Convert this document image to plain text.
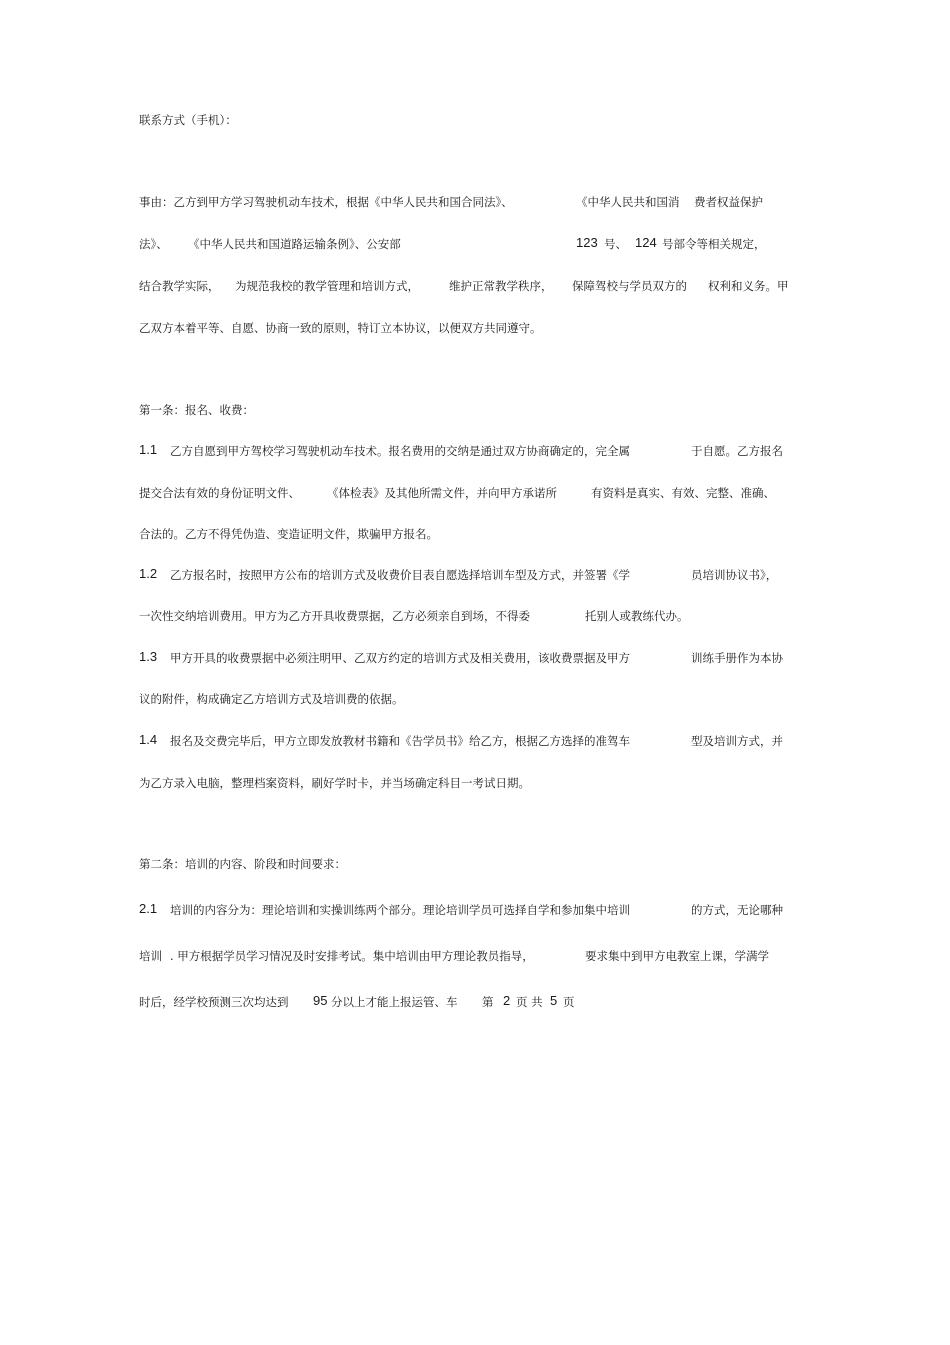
联系方式（手机）：
事由：乙方到甲方学习驾驶机动车技术，根据《中华人民共和国合同法》、	《中华人民共和国消 费者权益保护
法》、 《中华人民共和国道路运输条例》、公安部	123 号、 124 号部令等相关规定，
结合教学实际， 为规范我校的教学管理和培训方式，	维护正常教学秩序， 保障驾校与学员双方的 权利和义务。甲
乙双方本着平等、自愿、协商一致的原则，特订立本协议，以便双方共同遵守。
第一条：报名、收费：
1.1 乙方自愿到甲方驾校学习驾驶机动车技术。报名费用的交纳是通过双方协商确定的，完全属	于自愿。乙方报名
提交合法有效的身份证明文件、 《体检表》及其他所需文件，并向甲方承诺所	有资料是真实、有效、完整、准确、
合法的。乙方不得凭伪造、变造证明文件，欺骗甲方报名。
1.2 乙方报名时，按照甲方公布的培训方式及收费价目表自愿选择培训车型及方式，并签署《学	员培训协议书》，
一次性交纳培训费用。甲方为乙方开具收费票据，乙方必须亲自到场，不得委	托别人或教练代办。
1.3 甲方开具的收费票据中必须注明甲、乙双方约定的培训方式及相关费用，该收费票据及甲方	训练手册作为本协
议的附件，构成确定乙方培训方式及培训费的依据。
1.4 报名及交费完毕后，甲方立即发放教材书籍和《告学员书》给乙方，根据乙方选择的准驾车	型及培训方式，并
为乙方录入电脑，整理档案资料，刷好学时卡，并当场确定科目一考试日期。
第二条：培训的内容、阶段和时间要求：
2.1 培训的内容分为：理论培训和实操训练两个部分。理论培训学员可选择自学和参加集中培训	的方式，无论哪种
培训 . 甲方根据学员学习情况及时安排考试。集中培训由甲方理论教员指导，	要求集中到甲方电教室上课，学满学
时后，经学校预测三次均达到 95 分以上才能上报运管、车 第 2 页 共 5 页
